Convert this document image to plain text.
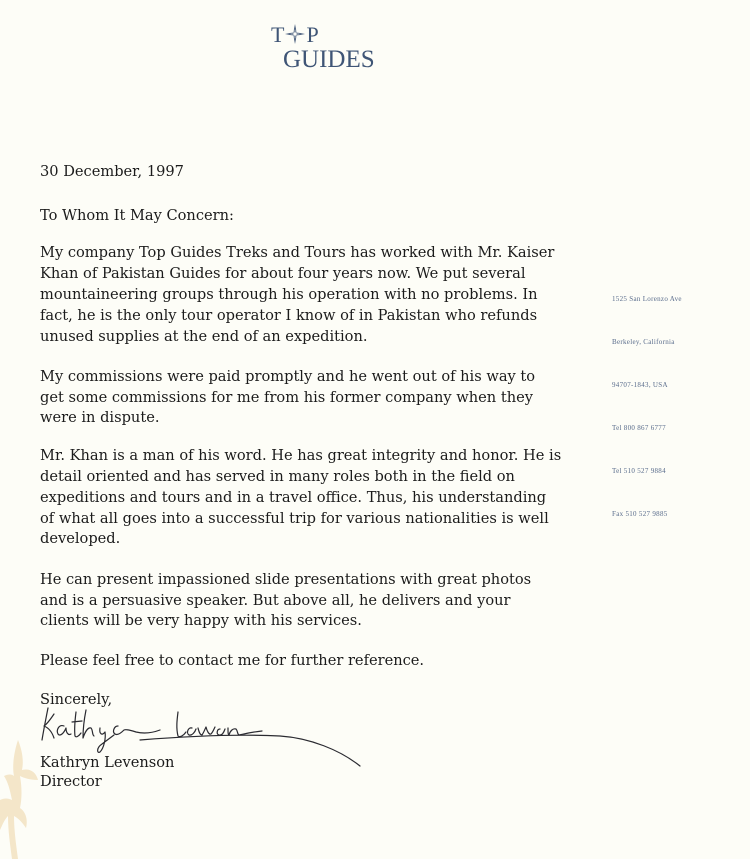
T P
GUIDES
30 December, 1997
To Whom It May Concern:
My company Top Guides Treks and Tours has worked with Mr. Kaiser
Khan of Pakistan Guides for about four years now. We put several
mountaineering groups through his operation with no problems. In
fact, he is the only tour operator I know of in Pakistan who refunds
unused supplies at the end of an expedition.
My commissions were paid promptly and he went out of his way to
get some commissions for me from his former company when they
were in dispute.
Mr. Khan is a man of his word. He has great integrity and honor. He is
detail oriented and has served in many roles both in the field on
expeditions and tours and in a travel office. Thus, his understanding
of what all goes into a successful trip for various nationalities is well
developed.
He can present impassioned slide presentations with great photos
and is a persuasive speaker. But above all, he delivers and your
clients will be very happy with his services.
Please feel free to contact me for further reference.
Sincerely,
Kathryn Levenson
Director
1525 San Lorenzo Ave
Berkeley, California
94707-1843, USA
Tel 800 867 6777
Tel 510 527 9884
Fax 510 527 9885
